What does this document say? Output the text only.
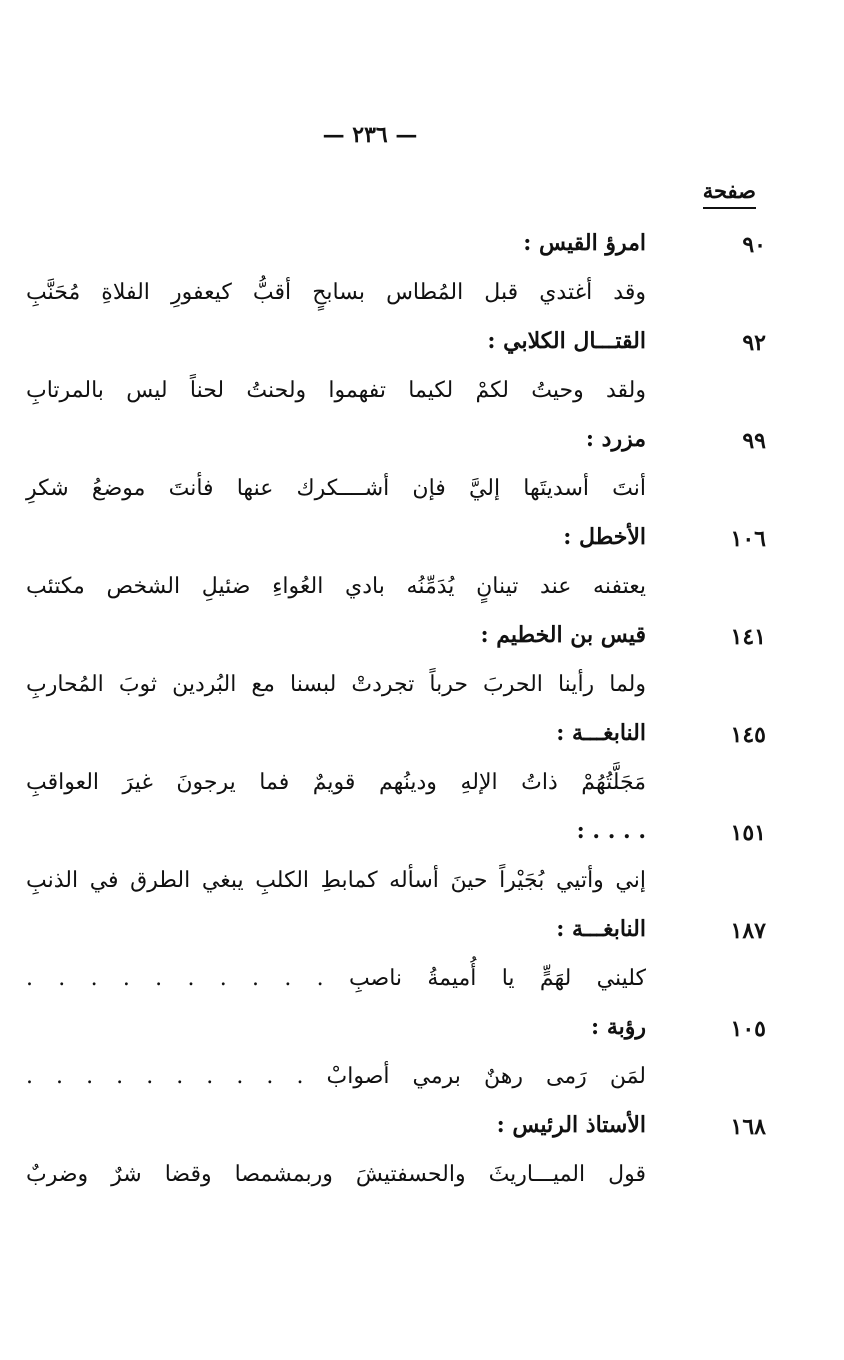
— ٢٣٦ —
صفحة
٩٠
امرؤ القيس :
وقد أغتدي قبل المُطاس بسابحٍ أقبُّ كيعفورِ الفلاةِ مُحَنَّبِ
٩٢
القتـــال الكلابي :
ولقد وحيتُ لكمْ لكيما تفهموا ولحنتُ لحناً ليس بالمرتابِ
٩٩
مزرد :
أنتَ أسديتَها إليَّ فإن أشــــكرك عنها فأنتَ موضعُ شكرِ
١٠٦
الأخطل :
يعتفنه عند تينانٍ يُدَمِّنُه بادي العُواءِ ضئيلِ الشخص مكتئب
١٤١
قيس بن الخطيم :
ولما رأينا الحربَ حرباً تجردتْ لبسنا مع البُردين ثوبَ المُحاربِ
١٤٥
النابغـــة :
مَجَلَّتُهُمْ ذاتُ الإلهِ ودينُهم قويمٌ فما يرجونَ غيرَ العواقبِ
١٥١
. . . . :
إني وأتيي بُجَيْراً حينَ أسأله كمابطِ الكلبِ يبغي الطرق في الذنبِ
١٨٧
النابغـــة :
كليني لهَمٍّ يا أُميمةُ ناصبِ . . . . . . . . . .
١٠٥
رؤبة :
لمَن رَمى رهنٌ برمي أصوابْ . . . . . . . . . .
١٦٨
الأستاذ الرئيس :
قول الميـــاريثَ والحسفتيشَ وربمشمصا وقضا شرٌ وضربٌ
